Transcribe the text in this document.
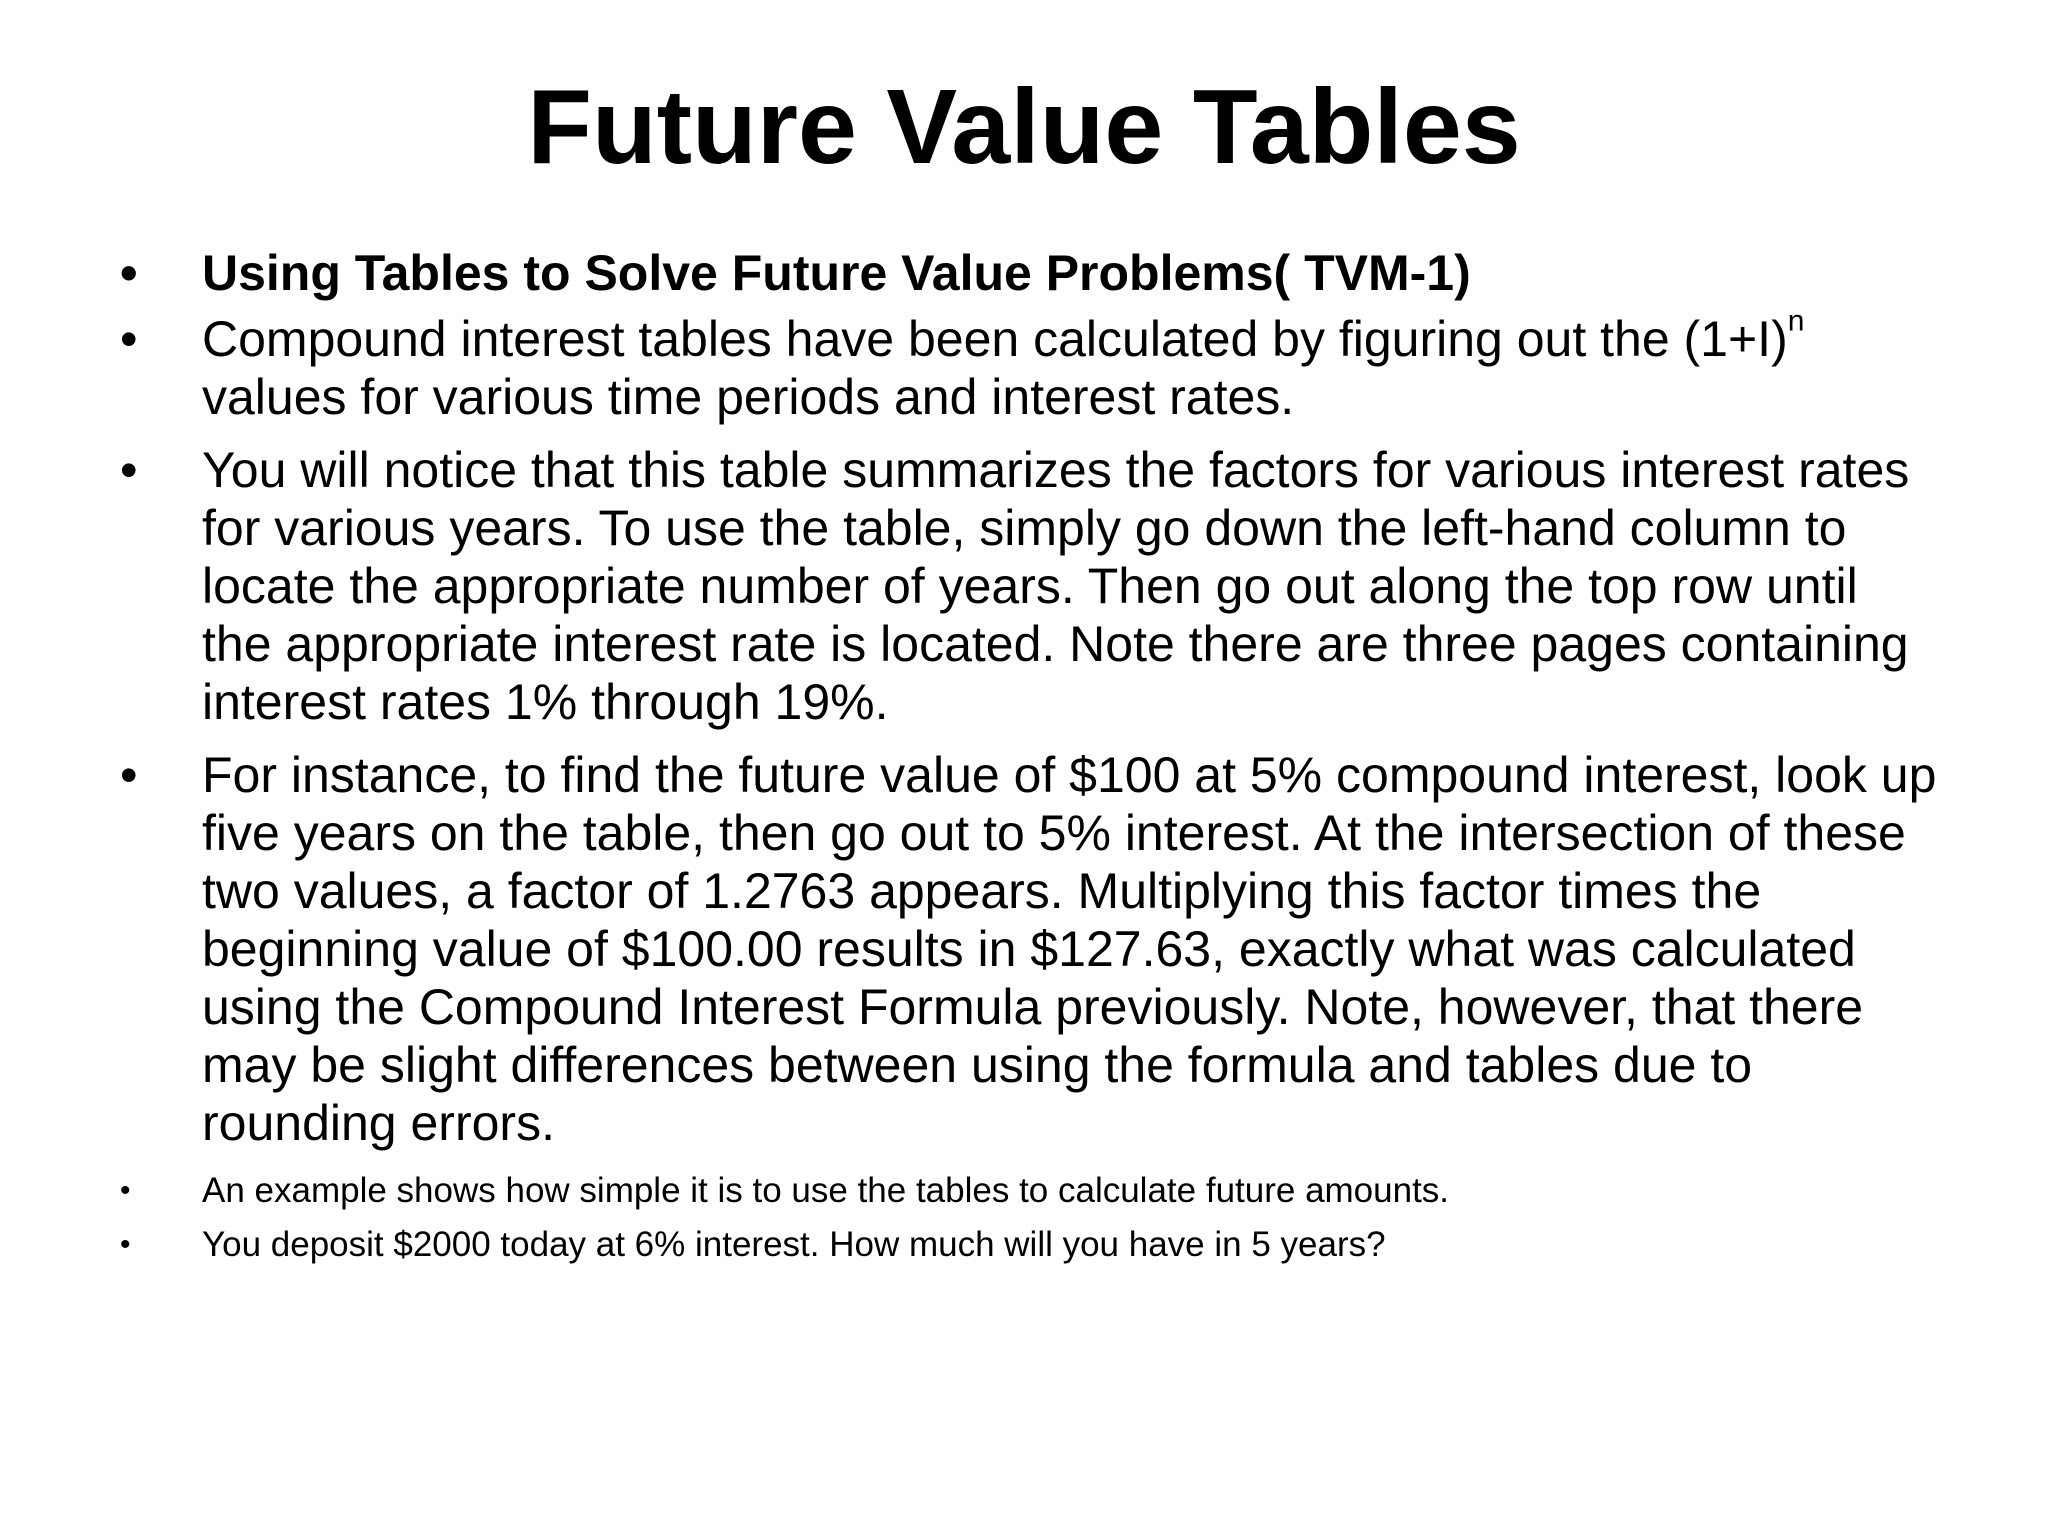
Future Value Tables
• Using Tables to Solve Future Value Problems( TVM-1)
• Compound interest tables have been calculated by figuring out the $(1+I)^n$ values for various time periods and interest rates.
• You will notice that this table summarizes the factors for various interest rates for various years. To use the table, simply go down the left-hand column to locate the appropriate number of years. Then go out along the top row until the appropriate interest rate is located. Note there are three pages containing interest rates 1% through 19%.
• For instance, to find the future value of $100 at 5% compound interest, look up five years on the table, then go out to 5% interest. At the intersection of these two values, a factor of 1.2763 appears. Multiplying this factor times the beginning value of $100.00 results in $127.63, exactly what was calculated using the Compound Interest Formula previously. Note, however, that there may be slight differences between using the formula and tables due to rounding errors.
• An example shows how simple it is to use the tables to calculate future amounts.
• You deposit $2000 today at 6% interest. How much will you have in 5 years?
